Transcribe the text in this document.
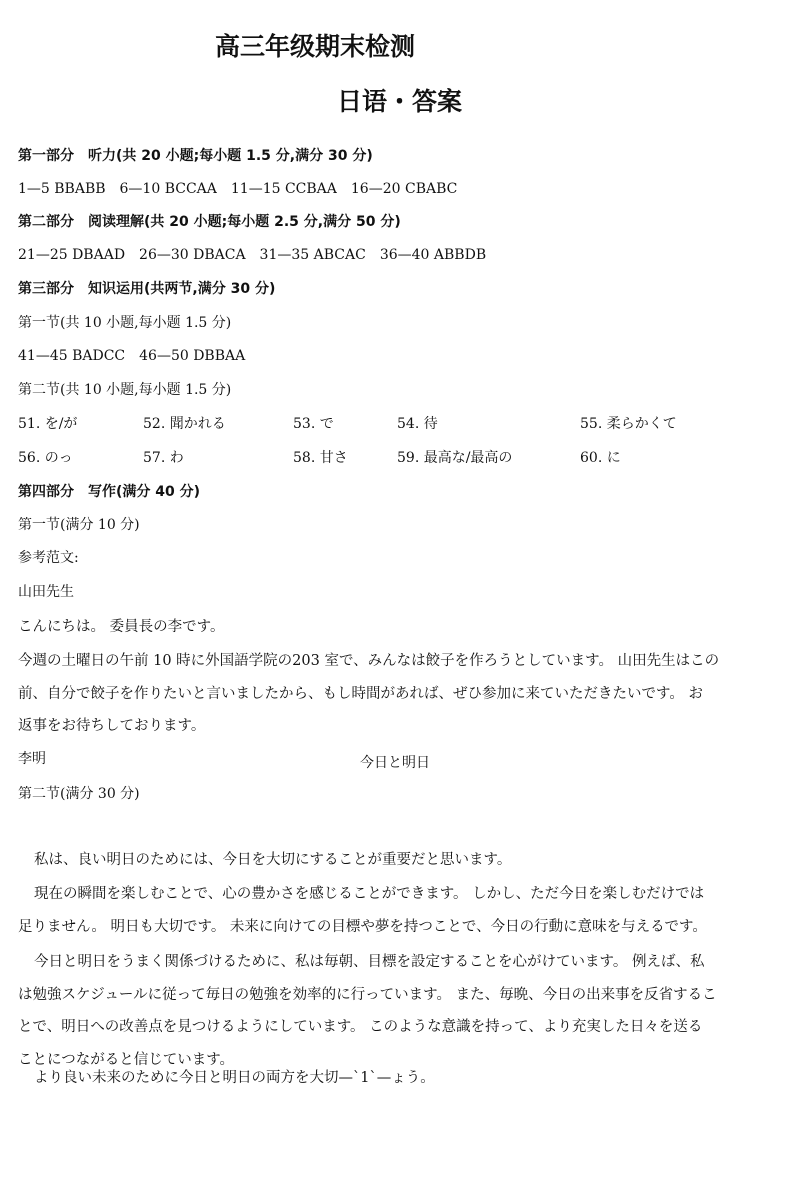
高三年级期末检测
日语・答案
第一部分　听力(共 20 小题;每小题 1.5 分,满分 30 分)
1—5 BBABB　6—10 BCCAA　11—15 CCBAA　16—20 CBABC
第二部分　阅读理解(共 20 小题;每小题 2.5 分,满分 50 分)
21—25 DBAAD　26—30 DBACA　31—35 ABCAC　36—40 ABBDB
第三部分　知识运用(共两节,满分 30 分)
第一节(共 10 小题,每小题 1.5 分)
41—45 BADCC　46—50 DBBAA
第二节(共 10 小题,每小题 1.5 分)
51. を/が	52. 聞かれる	53. で	54. 待	55. 柔らかくて
56. のっ	57. わ	58. 甘さ	59. 最高な/最高の	60. に
第四部分　写作(满分 40 分)
第一节(满分 10 分)
参考范文:
山田先生
こんにちは。 委員長の李です。
今週の土曜日の午前 10 時に外国語学院の203 室で、みんなは餃子を作ろうとしています。 山田先生はこの
前、自分で餃子を作りたいと言いましたから、もし時間があれば、ぜひ参加に来ていただきたいです。 お
返事をお待ちしております。
李明	今日と明日
第二节(满分 30 分)
私は、良い明日のためには、今日を大切にすることが重要だと思います。
現在の瞬間を楽しむことで、心の豊かさを感じることができます。 しかし、ただ今日を楽しむだけでは
足りません。 明日も大切です。 未来に向けての目標や夢を持つことで、今日の行動に意味を与えるです。
今日と明日をうまく関係づけるために、私は毎朝、目標を設定することを心がけています。 例えば、私
は勉強スケジュールに従って毎日の勉強を効率的に行っています。 また、毎晩、今日の出来事を反省するこ
とで、明日への改善点を見つけるようにしています。 このような意識を持って、より充実した日々を送る
ことにつながると信じています。
より良い未来のために今日と明日の両方を大切—`1`—ょう。
